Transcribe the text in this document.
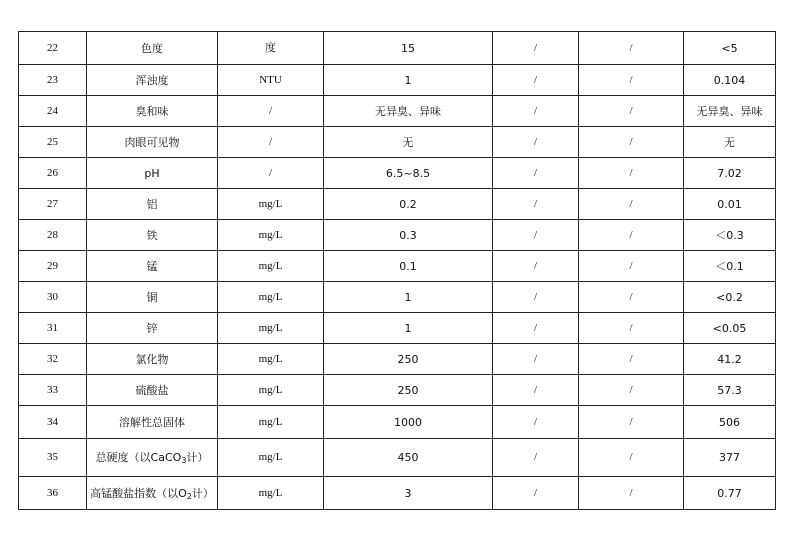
22	色度	度	15	/	/	<5
23	浑浊度	NTU	1	/	/	0.104
24	臭和味	/	无异臭、异味	/	/	无异臭、异味
25	肉眼可见物	/	无	/	/	无
26	pH	/	6.5~8.5	/	/	7.02
27	铝	mg/L	0.2	/	/	0.01
28	铁	mg/L	0.3	/	/	＜0.3
29	锰	mg/L	0.1	/	/	＜0.1
30	铜	mg/L	1	/	/	<0.2
31	锌	mg/L	1	/	/	<0.05
32	氯化物	mg/L	250	/	/	41.2
33	硫酸盐	mg/L	250	/	/	57.3
34	溶解性总固体	mg/L	1000	/	/	506
35	总硬度（以CaCO$_3$计）	mg/L	450	/	/	377
36	高锰酸盐指数（以$O_2$计）	mg/L	3	/	/	0.77
